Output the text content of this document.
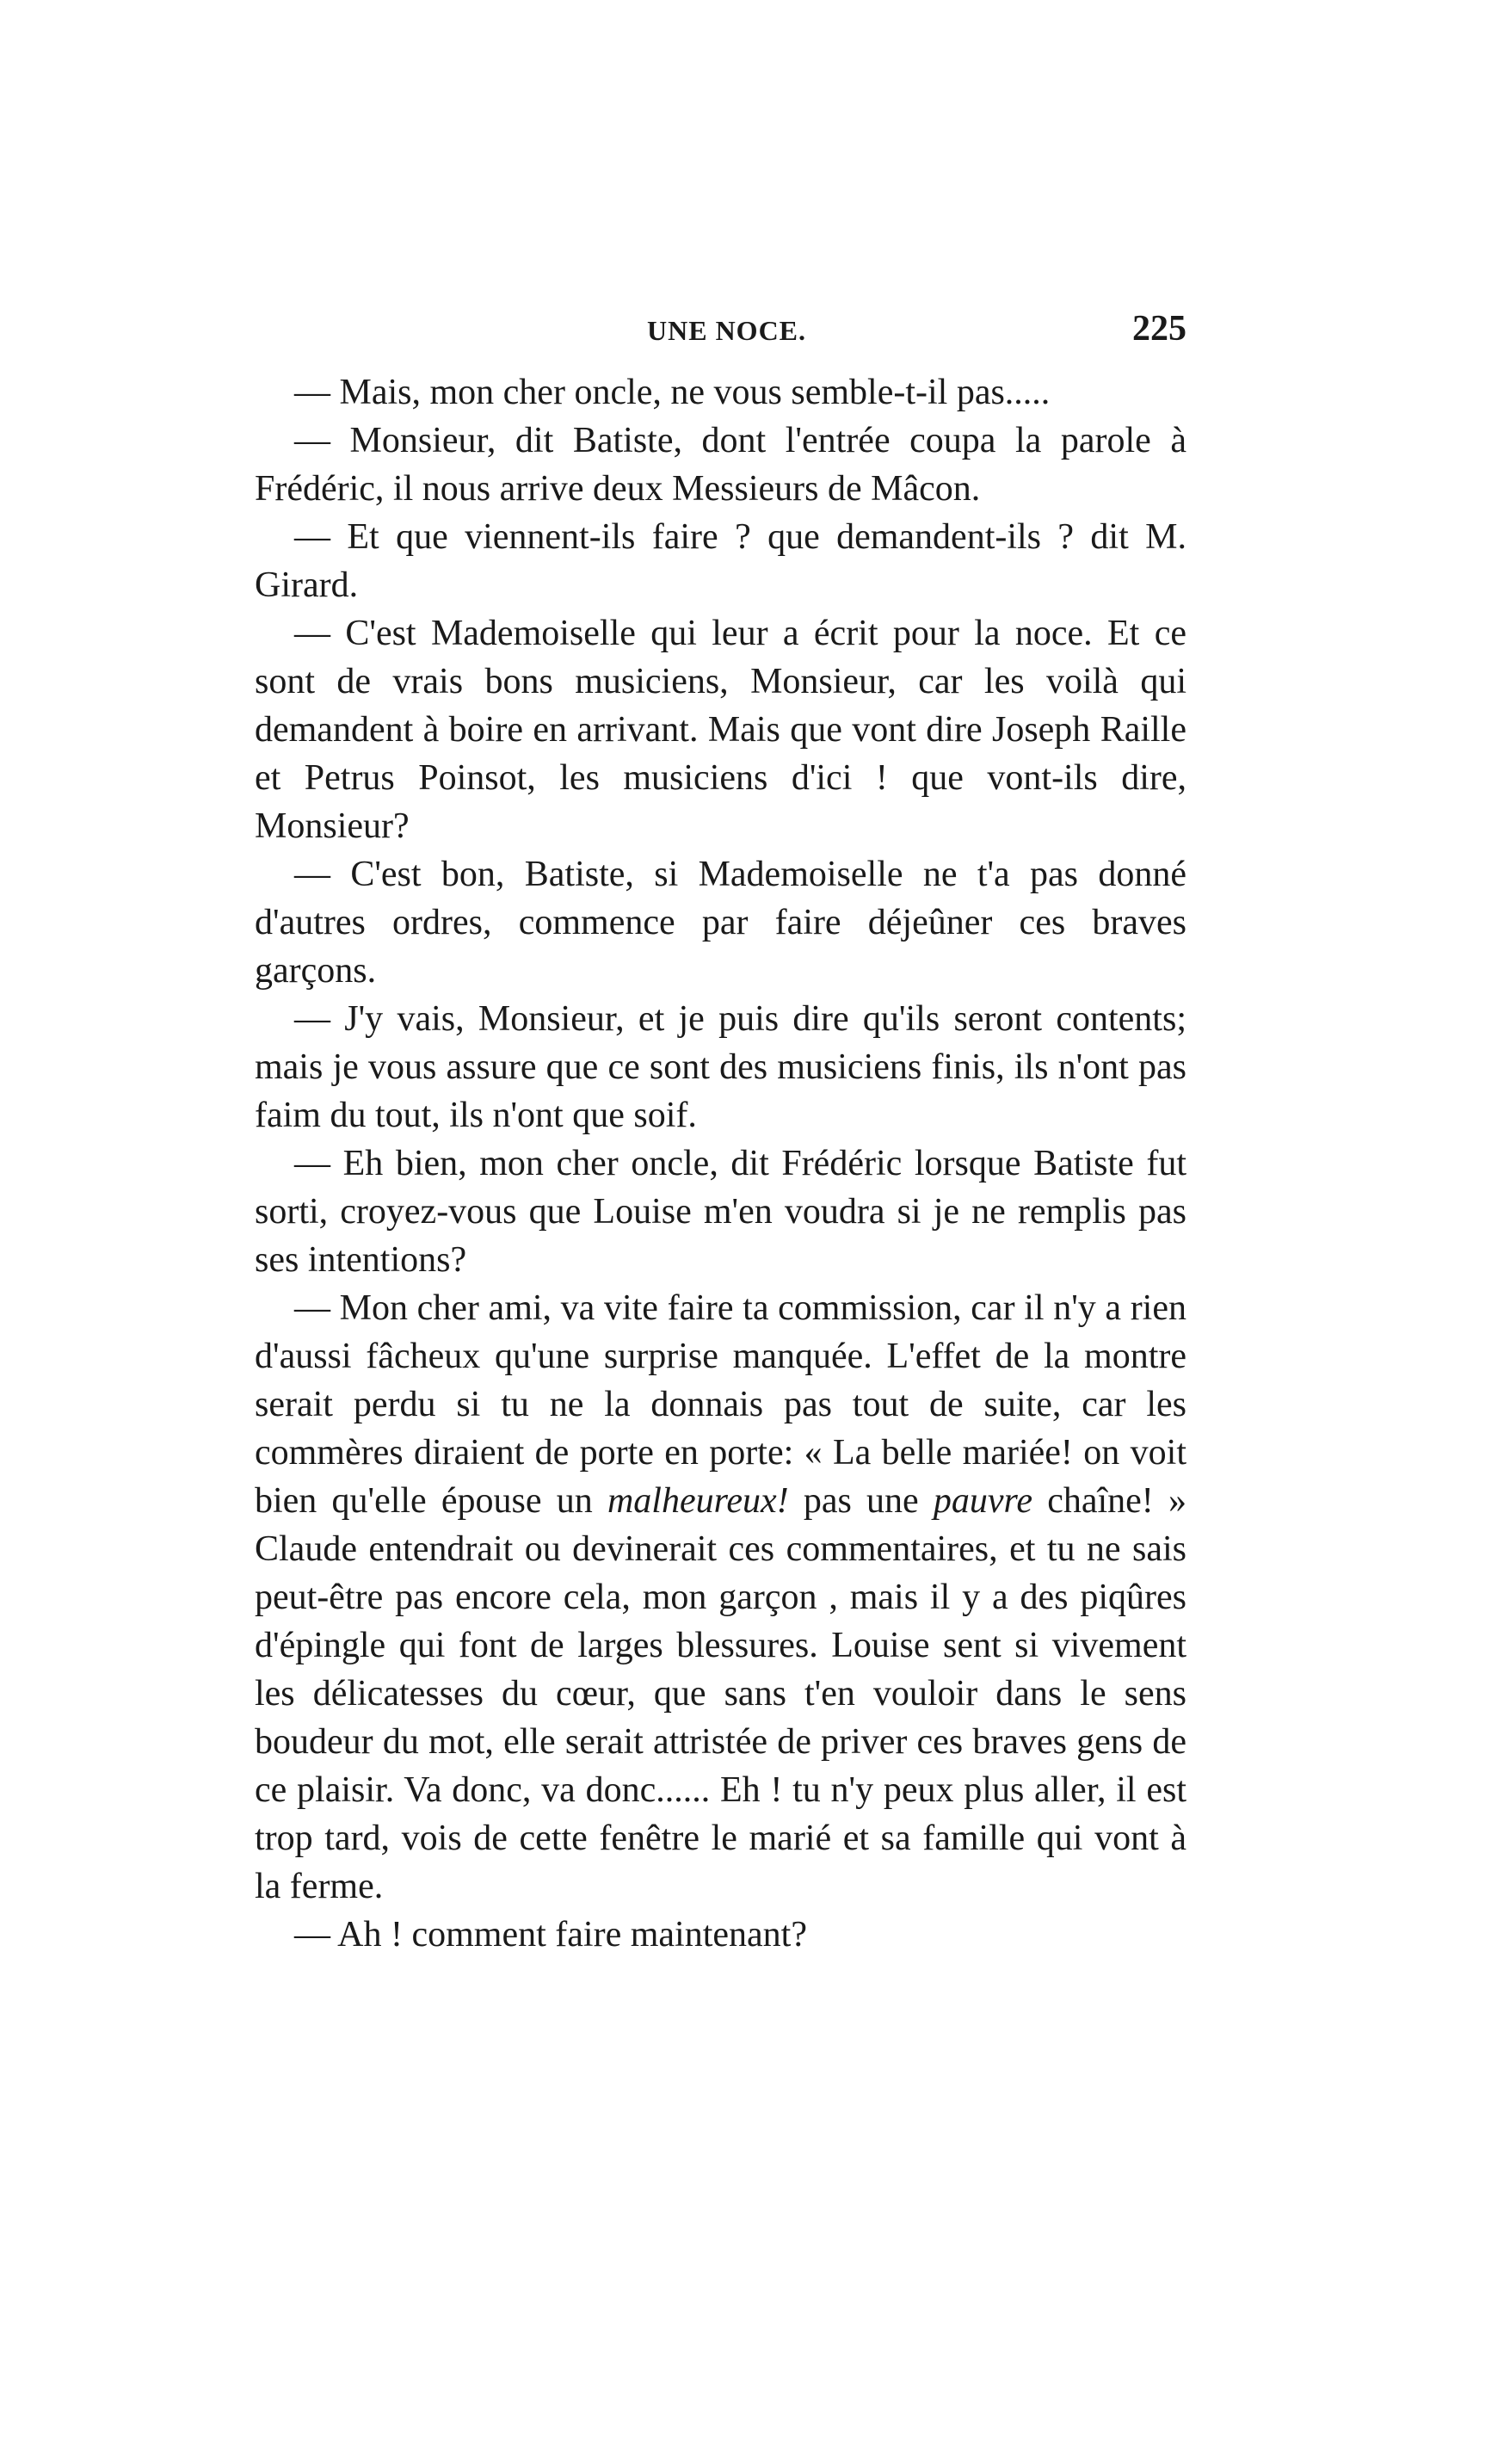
UNE NOCE.	225

— Mais, mon cher oncle, ne vous semble-t-il pas.....

— Monsieur, dit Batiste, dont l'entrée coupa la parole à Frédéric, il nous arrive deux Messieurs de Mâcon.

— Et que viennent-ils faire ? que demandent-ils ? dit M. Girard.

— C'est Mademoiselle qui leur a écrit pour la noce. Et ce sont de vrais bons musiciens, Monsieur, car les voilà qui demandent à boire en arrivant. Mais que vont dire Joseph Raille et Petrus Poinsot, les musiciens d'ici ! que vont-ils dire, Monsieur?

— C'est bon, Batiste, si Mademoiselle ne t'a pas donné d'autres ordres, commence par faire déjeûner ces braves garçons.

— J'y vais, Monsieur, et je puis dire qu'ils seront contents; mais je vous assure que ce sont des musiciens finis, ils n'ont pas faim du tout, ils n'ont que soif.

— Eh bien, mon cher oncle, dit Frédéric lorsque Batiste fut sorti, croyez-vous que Louise m'en voudra si je ne remplis pas ses intentions?

— Mon cher ami, va vite faire ta commission, car il n'y a rien d'aussi fâcheux qu'une surprise manquée. L'effet de la montre serait perdu si tu ne la donnais pas tout de suite, car les commères diraient de porte en porte: « La belle mariée! on voit bien qu'elle épouse un malheureux! pas une pauvre chaîne! » Claude entendrait ou devinerait ces commentaires, et tu ne sais peut-être pas encore cela, mon garçon , mais il y a des piqûres d'épingle qui font de larges blessures. Louise sent si vivement les délicatesses du cœur, que sans t'en vouloir dans le sens boudeur du mot, elle serait attristée de priver ces braves gens de ce plaisir. Va donc, va donc...... Eh ! tu n'y peux plus aller, il est trop tard, vois de cette fenêtre le marié et sa famille qui vont à la ferme.

— Ah ! comment faire maintenant?
